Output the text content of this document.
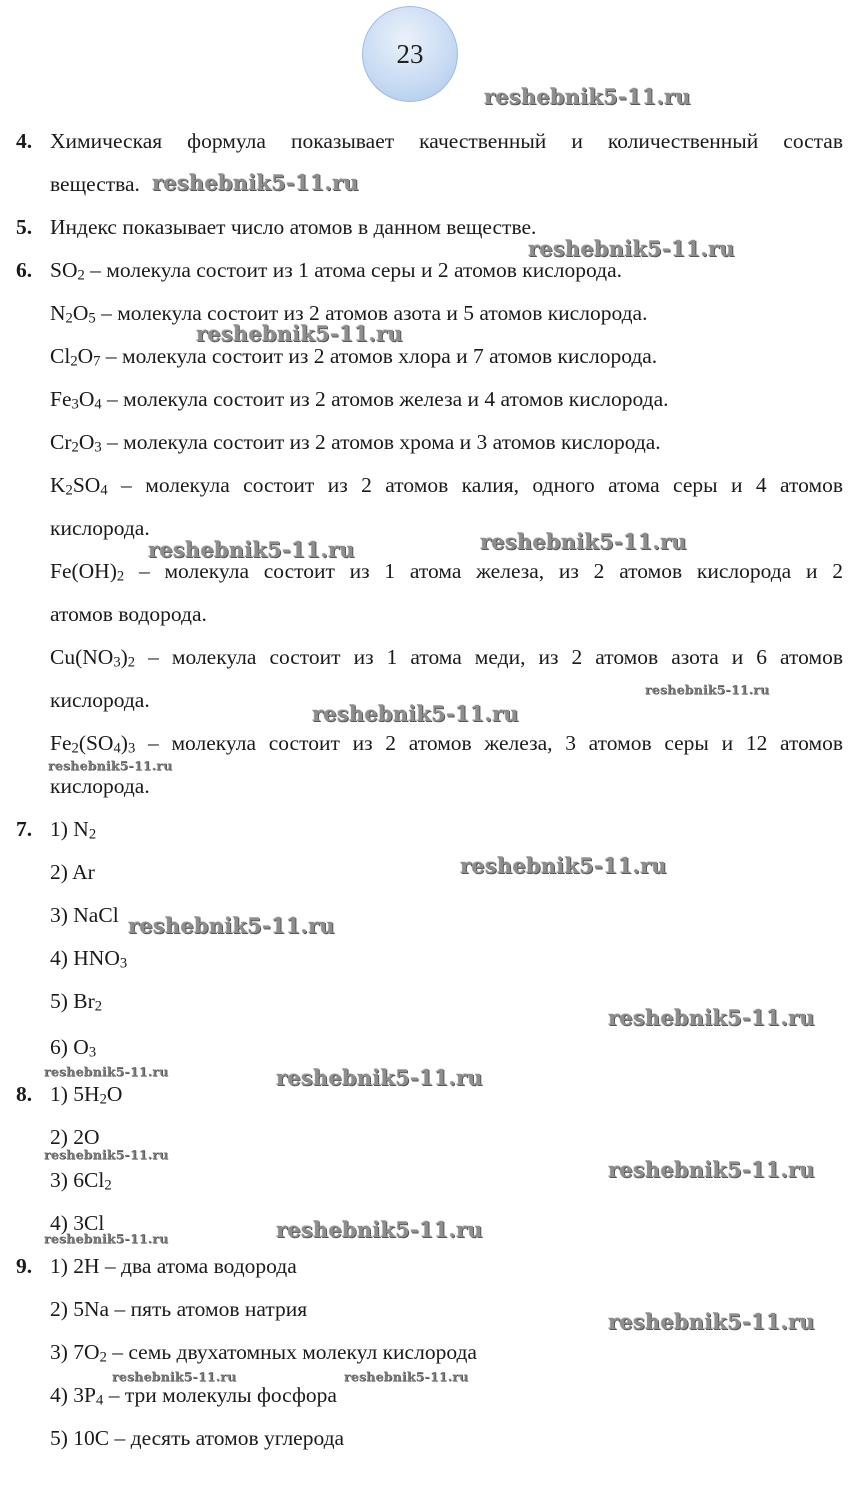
23
4. Химическая формула показывает качественный и количественный состав
вещества.
5. Индекс показывает число атомов в данном веществе.
6. $SO_2$ – молекула состоит из 1 атома серы и 2 атомов кислорода.
$N_2O_5$ – молекула состоит из 2 атомов азота и 5 атомов кислорода.
$Cl_2O_7$ – молекула состоит из 2 атомов хлора и 7 атомов кислорода.
$Fe_3O_4$ – молекула состоит из 2 атомов железа и 4 атомов кислорода.
$Cr_2O_3$ – молекула состоит из 2 атомов хрома и 3 атомов кислорода.
$K_2SO_4$ – молекула состоит из 2 атомов калия, одного атома серы и 4 атомов
кислорода.
$Fe(OH)_2$ – молекула состоит из 1 атома железа, из 2 атомов кислорода и 2
атомов водорода.
$Cu(NO_3)_2$ – молекула состоит из 1 атома меди, из 2 атомов азота и 6 атомов
кислорода.
$Fe_2(SO_4)_3$ – молекула состоит из 2 атомов железа, 3 атомов серы и 12 атомов
кислорода.
7. 1) $N_2$
2) Ar
3) NaCl
4) $HNO_3$
5) $Br_2$
6) $O_3$
8. 1) $5H_2O$
2) 2O
3) $6Cl_2$
4) 3Cl
9. 1) 2H – два атома водорода
2) 5Na – пять атомов натрия
3) $7O_2$ – семь двухатомных молекул кислорода
4) $3P_4$ – три молекулы фосфора
5) 10C – десять атомов углерода
reshebnik5-11.ru
reshebnik5-11.ru
reshebnik5-11.ru
reshebnik5-11.ru
reshebnik5-11.ru
reshebnik5-11.ru
reshebnik5-11.ru
reshebnik5-11.ru
reshebnik5-11.ru
reshebnik5-11.ru
reshebnik5-11.ru
reshebnik5-11.ru
reshebnik5-11.ru	reshebnik5-11.ru
reshebnik5-11.ru
reshebnik5-11.ru
reshebnik5-11.ru
reshebnik5-11.ru
reshebnik5-11.ru
reshebnik5-11.ru	reshebnik5-11.ru
